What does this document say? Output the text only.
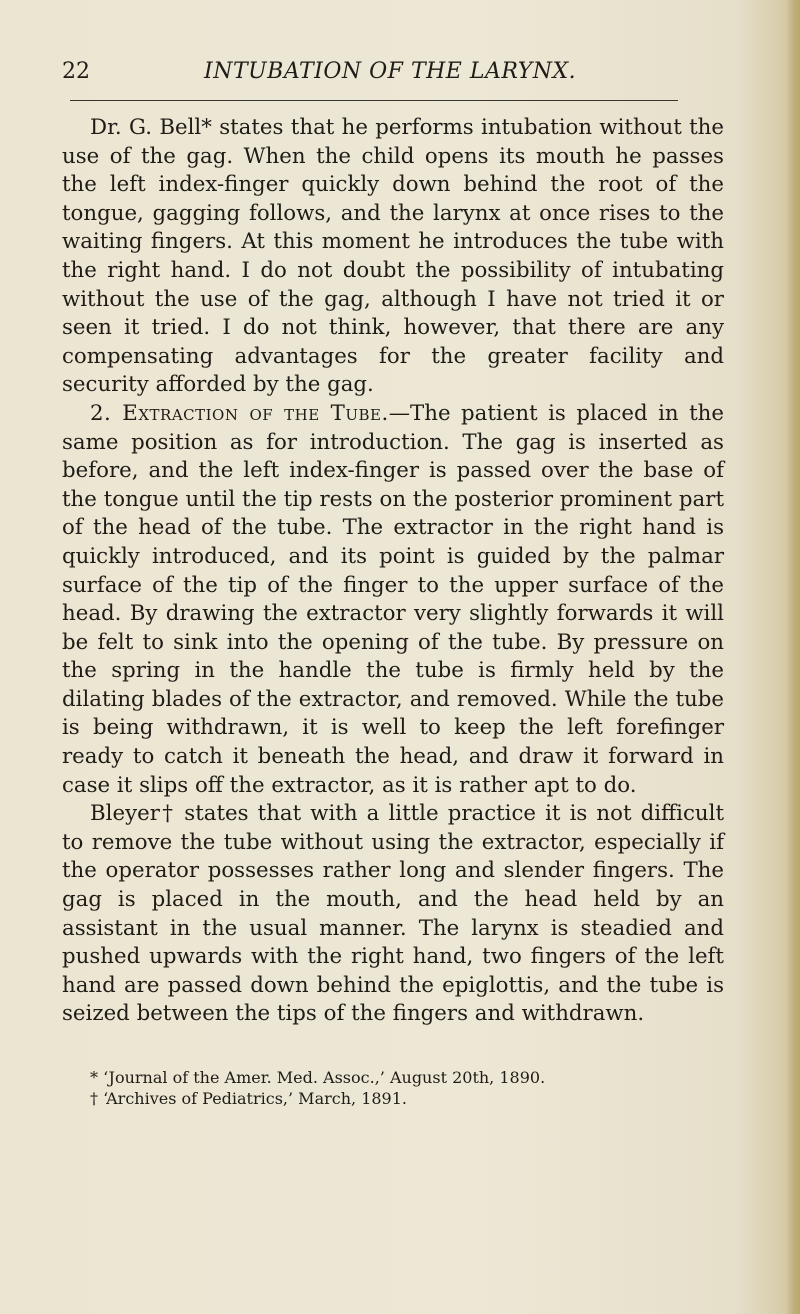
22	INTUBATION OF THE LARYNX.

Dr. G. Bell* states that he performs intubation without the use of the gag. When the child opens its mouth he passes the left index-finger quickly down behind the root of the tongue, gagging follows, and the larynx at once rises to the waiting fingers. At this moment he introduces the tube with the right hand. I do not doubt the possibility of intubating without the use of the gag, although I have not tried it or seen it tried. I do not think, however, that there are any compensating advantages for the greater facility and security afforded by the gag.

2. Extraction of the Tube.—The patient is placed in the same position as for introduction. The gag is inserted as before, and the left index-finger is passed over the base of the tongue until the tip rests on the posterior prominent part of the head of the tube. The extractor in the right hand is quickly introduced, and its point is guided by the palmar surface of the tip of the finger to the upper surface of the head. By drawing the extractor very slightly forwards it will be felt to sink into the opening of the tube. By pressure on the spring in the handle the tube is firmly held by the dilating blades of the extractor, and removed. While the tube is being withdrawn, it is well to keep the left forefinger ready to catch it beneath the head, and draw it forward in case it slips off the extractor, as it is rather apt to do.

Bleyer† states that with a little practice it is not difficult to remove the tube without using the extractor, especially if the operator possesses rather long and slender fingers. The gag is placed in the mouth, and the head held by an assistant in the usual manner. The larynx is steadied and pushed upwards with the right hand, two fingers of the left hand are passed down behind the epiglottis, and the tube is seized between the tips of the fingers and withdrawn.

* ‘Journal of the Amer. Med. Assoc.,’ August 20th, 1890.
† ‘Archives of Pediatrics,’ March, 1891.
